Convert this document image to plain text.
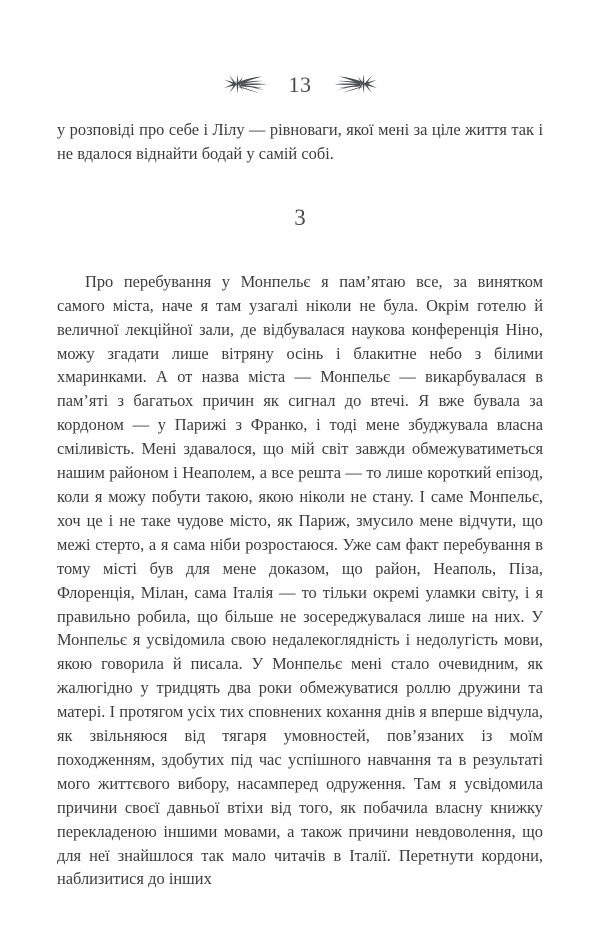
13

у розповіді про себе і Лілу — рівноваги, якої мені за ціле життя так і не вдалося віднайти бодай у самій собі.

3

Про перебування у Монпельє я пам’ятаю все, за винятком самого міста, наче я там узагалі ніколи не була. Окрім готелю й величної лекційної зали, де відбувалася наукова конференція Ніно, можу згадати лише вітряну осінь і блакитне небо з білими хмаринками. А от назва міста — Монпельє — викарбувалася в пам’яті з багатьох причин як сигнал до втечі. Я вже бувала за кордоном — у Парижі з Франко, і тоді мене збуджувала власна сміливість. Мені здавалося, що мій світ завжди обмежуватиметься нашим районом і Неаполем, а все решта — то лише короткий епізод, коли я можу побути такою, якою ніколи не стану. І саме Монпельє, хоч це і не таке чудове місто, як Париж, змусило мене відчути, що межі стерто, а я сама ніби розростаюся. Уже сам факт перебування в тому місті був для мене доказом, що район, Неаполь, Піза, Флоренція, Мілан, сама Італія — то тільки окремі уламки світу, і я правильно робила, що більше не зосереджувалася лише на них. У Монпельє я усвідомила свою недалекоглядність і недолугість мови, якою говорила й писала. У Монпельє мені стало очевидним, як жалюгідно у тридцять два роки обмежуватися роллю дружини та матері. І протягом усіх тих сповнених кохання днів я вперше відчула, як звільняюся від тягаря умовностей, пов’язаних із моїм походженням, здобутих під час успішного навчання та в результаті мого життєвого вибору, насамперед одруження. Там я усвідомила причини своєї давньої втіхи від того, як побачила власну книжку перекладеною іншими мовами, а також причини невдоволення, що для неї знайшлося так мало читачів в Італії. Перетнути кордони, наблизитися до інших
